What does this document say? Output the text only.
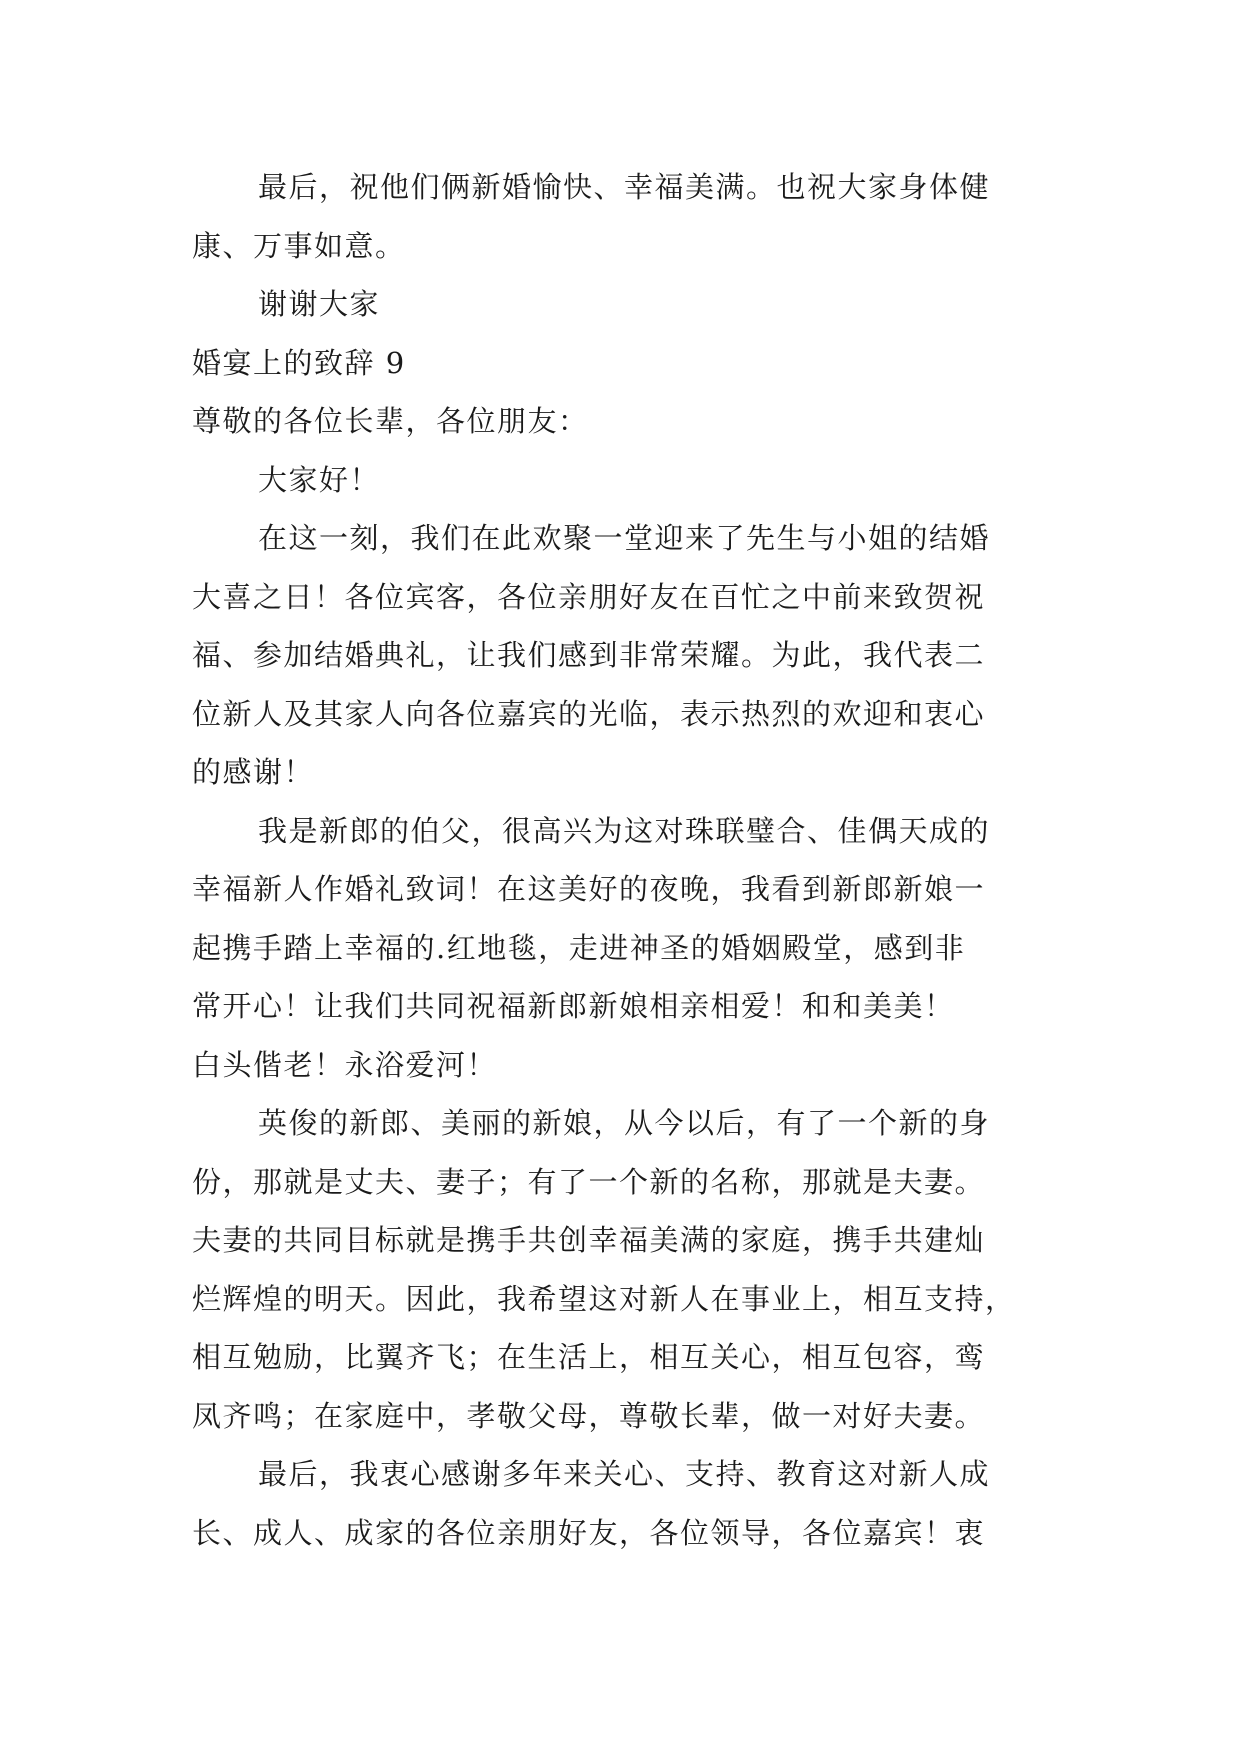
最后，祝他们俩新婚愉快、幸福美满。也祝大家身体健
康、万事如意。
谢谢大家
婚宴上的致辞 9
尊敬的各位长辈，各位朋友：
大家好！
在这一刻，我们在此欢聚一堂迎来了先生与小姐的结婚
大喜之日！各位宾客，各位亲朋好友在百忙之中前来致贺祝
福、参加结婚典礼，让我们感到非常荣耀。为此，我代表二
位新人及其家人向各位嘉宾的光临，表示热烈的欢迎和衷心
的感谢！
我是新郎的伯父，很高兴为这对珠联璧合、佳偶天成的
幸福新人作婚礼致词！在这美好的夜晚，我看到新郎新娘一
起携手踏上幸福的.红地毯，走进神圣的婚姻殿堂，感到非
常开心！让我们共同祝福新郎新娘相亲相爱！和和美美！
白头偕老！永浴爱河！
英俊的新郎、美丽的新娘，从今以后，有了一个新的身
份，那就是丈夫、妻子；有了一个新的名称，那就是夫妻。
夫妻的共同目标就是携手共创幸福美满的家庭，携手共建灿
烂辉煌的明天。因此，我希望这对新人在事业上，相互支持，
相互勉励，比翼齐飞；在生活上，相互关心，相互包容，鸾
凤齐鸣；在家庭中，孝敬父母，尊敬长辈，做一对好夫妻。
最后，我衷心感谢多年来关心、支持、教育这对新人成
长、成人、成家的各位亲朋好友，各位领导，各位嘉宾！衷
